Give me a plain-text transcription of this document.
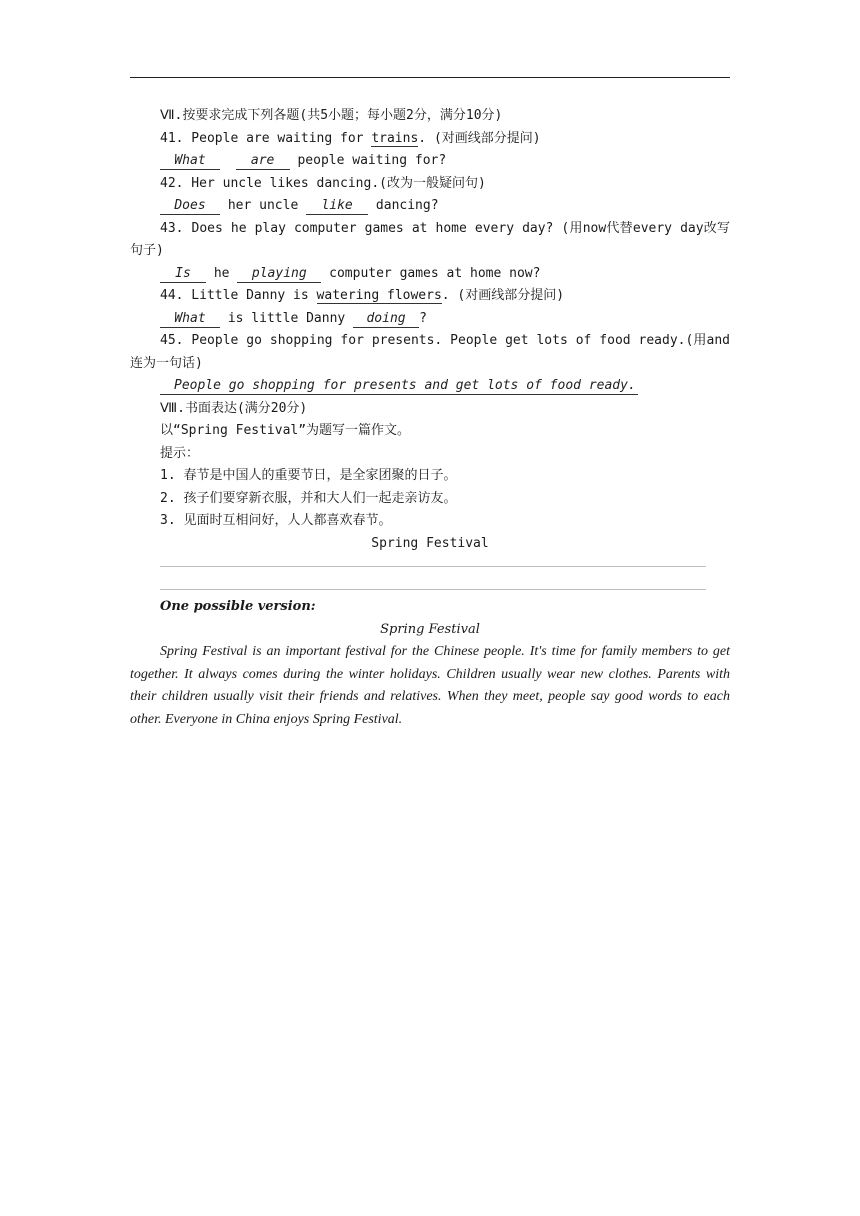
Ⅶ.按要求完成下列各题(共5小题；每小题2分，满分10分)
41. People are waiting for trains. (对画线部分提问)
What	are people waiting for?
42. Her uncle likes dancing.(改为一般疑问句)
Does her uncle like dancing?
43. Does he play computer games at home every day? (用now代替every day改写句子)
Is he playing computer games at home now?
44. Little Danny is watering flowers. (对画线部分提问)
What is little Danny doing ?
45. People go shopping for presents. People get lots of food ready.(用and连为一句话)
People go shopping for presents and get lots of food ready.
Ⅷ.书面表达(满分20分)
以“Spring Festival”为题写一篇作文。
提示：
1. 春节是中国人的重要节日，是全家团聚的日子。
2. 孩子们要穿新衣服，并和大人们一起走亲访友。
3. 见面时互相问好，人人都喜欢春节。
Spring Festival
One possible version:
Spring Festival
Spring Festival is an important festival for the Chinese people. It's time for family members to get together. It always comes during the winter holidays. Children usually wear new clothes. Parents with their children usually visit their friends and relatives. When they meet, people say good words to each other. Everyone in China enjoys Spring Festival.
